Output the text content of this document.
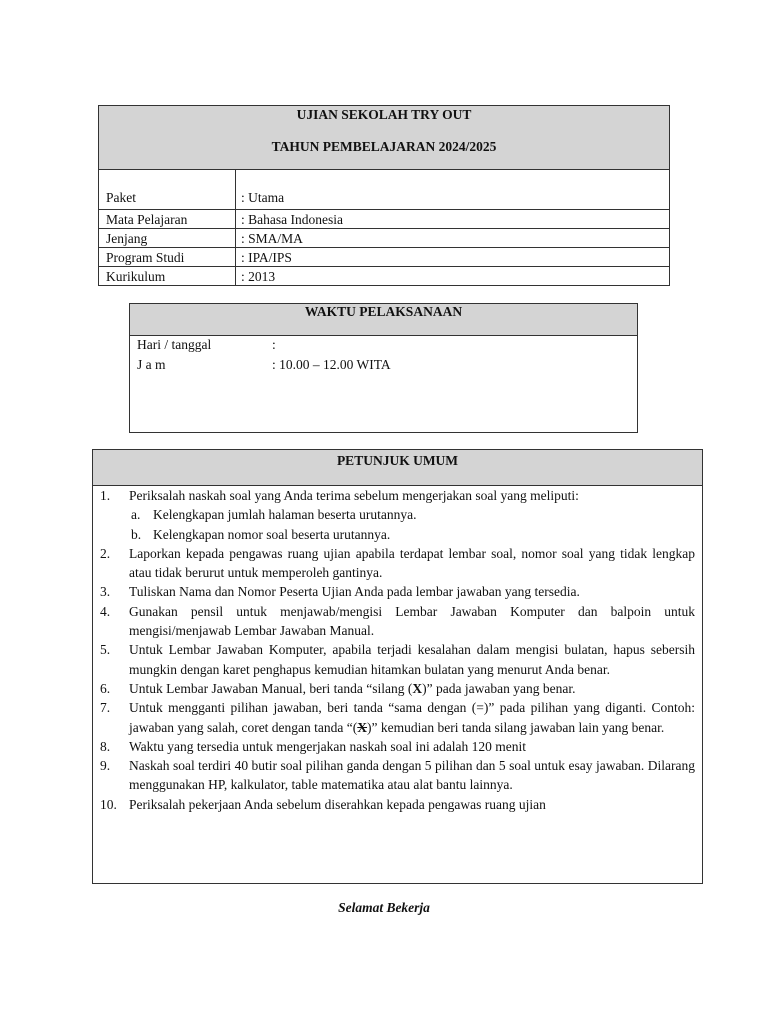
UJIAN SEKOLAH TRY OUT
TAHUN PEMBELAJARAN 2024/2025
Paket	: Utama
Mata Pelajaran	: Bahasa Indonesia
Jenjang	: SMA/MA
Program Studi	: IPA/IPS
Kurikulum	: 2013
WAKTU PELAKSANAAN
Hari / tanggal	:
J a m	: 10.00 – 12.00 WITA
PETUNJUK UMUM
1.	Periksalah naskah soal yang Anda terima sebelum mengerjakan soal yang meliputi:
a. Kelengkapan jumlah halaman beserta urutannya.
b. Kelengkapan nomor soal beserta urutannya.
2.	Laporkan kepada pengawas ruang ujian apabila terdapat lembar soal, nomor soal yang tidak lengkap atau tidak berurut untuk memperoleh gantinya.
3.	Tuliskan Nama dan Nomor Peserta Ujian Anda pada lembar jawaban yang tersedia.
4.	Gunakan pensil untuk menjawab/mengisi Lembar Jawaban Komputer dan balpoin untuk mengisi/menjawab Lembar Jawaban Manual.
5.	Untuk Lembar Jawaban Komputer, apabila terjadi kesalahan dalam mengisi bulatan, hapus sebersih mungkin dengan karet penghapus kemudian hitamkan bulatan yang menurut Anda benar.
6.	Untuk Lembar Jawaban Manual, beri tanda “silang (X)” pada jawaban yang benar.
7.	Untuk mengganti pilihan jawaban, beri tanda “sama dengan (=)” pada pilihan yang diganti. Contoh: jawaban yang salah, coret dengan tanda “(X)” kemudian beri tanda silang jawaban lain yang benar.
8.	Waktu yang tersedia untuk mengerjakan naskah soal ini adalah 120 menit
9.	Naskah soal terdiri 40 butir soal pilihan ganda dengan 5 pilihan dan 5 soal untuk esay jawaban. Dilarang menggunakan HP, kalkulator, table matematika atau alat bantu lainnya.
10. Periksalah pekerjaan Anda sebelum diserahkan kepada pengawas ruang ujian
Selamat Bekerja
